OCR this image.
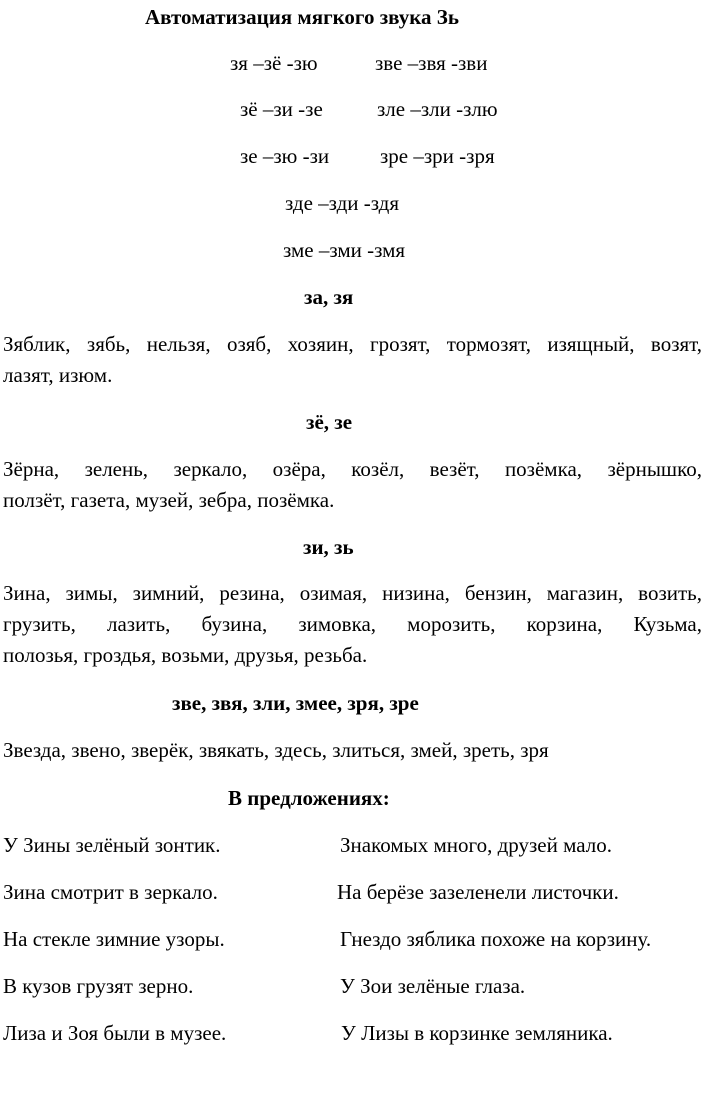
Автоматизация мягкого звука Зь
зя –зё -зю	зве –звя -зви
зё –зи -зе	зле –зли -злю
зе –зю -зи зре –зри -зря
зде –зди -здя
зме –зми -змя
за, зя
Зяблик, зябь, нельзя, озяб, хозяин, грозят, тормозят, изящный, возят,
лазят, изюм.
зё, зе
Зёрна, зелень, зеркало, озёра, козёл, везёт, позёмка, зёрнышко,
ползёт, газета, музей, зебра, позёмка.
зи, зь
Зина, зимы, зимний, резина, озимая, низина, бензин, магазин, возить,
грузить, лазить, бузина, зимовка, морозить, корзина, Кузьма,
полозья, гроздья, возьми, друзья, резьба.
зве, звя, зли, змее, зря, зре
Звезда, звено, зверёк, звякать, здесь, злиться, змей, зреть, зря
В предложениях:
У Зины зелёный зонтик.	Знакомых много, друзей мало.
Зина смотрит в зеркало.	На берёзе зазеленели листочки.
На стекле зимние узоры.	Гнездо зяблика похоже на корзину.
В кузов грузят зерно.	У Зои зелёные глаза.
Лиза и Зоя были в музее.	У Лизы в корзинке земляника.
